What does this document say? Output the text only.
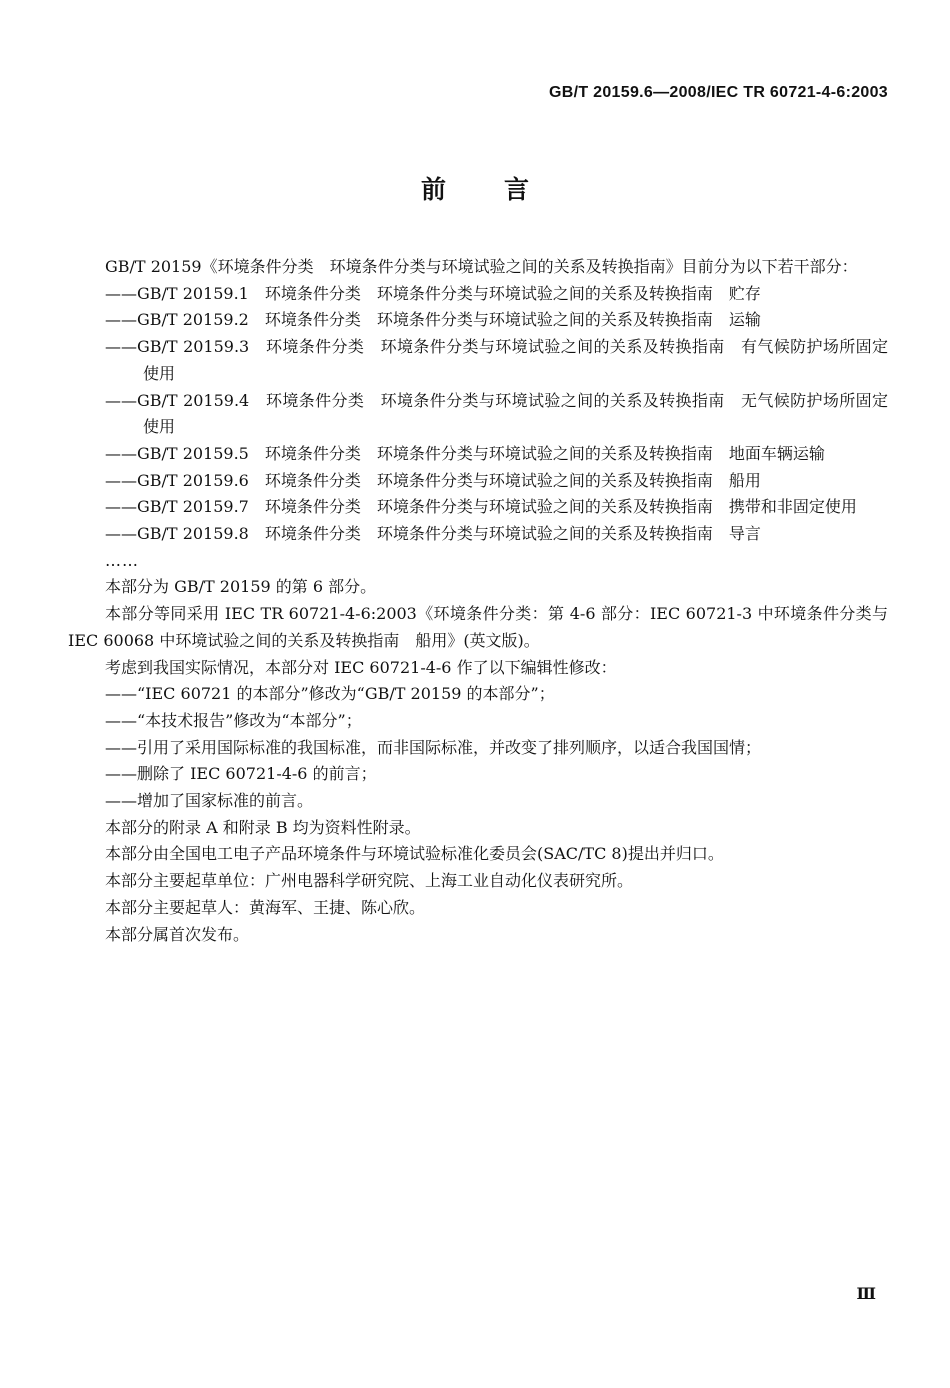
GB/T 20159.6—2008/IEC TR 60721-4-6:2003
前言

GB/T 20159《环境条件分类　环境条件分类与环境试验之间的关系及转换指南》目前分为以下若干部分：

——GB/T 20159.1　环境条件分类　环境条件分类与环境试验之间的关系及转换指南　贮存

——GB/T 20159.2　环境条件分类　环境条件分类与环境试验之间的关系及转换指南　运输

——GB/T 20159.3　环境条件分类　环境条件分类与环境试验之间的关系及转换指南　有气候防护场所固定使用

——GB/T 20159.4　环境条件分类　环境条件分类与环境试验之间的关系及转换指南　无气候防护场所固定使用

——GB/T 20159.5　环境条件分类　环境条件分类与环境试验之间的关系及转换指南　地面车辆运输

——GB/T 20159.6　环境条件分类　环境条件分类与环境试验之间的关系及转换指南　船用

——GB/T 20159.7　环境条件分类　环境条件分类与环境试验之间的关系及转换指南　携带和非固定使用

——GB/T 20159.8　环境条件分类　环境条件分类与环境试验之间的关系及转换指南　导言

……

本部分为 GB/T 20159 的第 6 部分。

本部分等同采用 IEC TR 60721-4-6:2003《环境条件分类：第 4-6 部分：IEC 60721-3 中环境条件分类与 IEC 60068 中环境试验之间的关系及转换指南　船用》(英文版)。

考虑到我国实际情况，本部分对 IEC 60721-4-6 作了以下编辑性修改：

——“IEC 60721 的本部分”修改为“GB/T 20159 的本部分”；

——“本技术报告”修改为“本部分”；

——引用了采用国际标准的我国标准，而非国际标准，并改变了排列顺序，以适合我国国情；

——删除了 IEC 60721-4-6 的前言；

——增加了国家标准的前言。

本部分的附录 A 和附录 B 均为资料性附录。

本部分由全国电工电子产品环境条件与环境试验标准化委员会(SAC/TC 8)提出并归口。

本部分主要起草单位：广州电器科学研究院、上海工业自动化仪表研究所。

本部分主要起草人：黄海军、王捷、陈心欣。

本部分属首次发布。

Ⅲ
